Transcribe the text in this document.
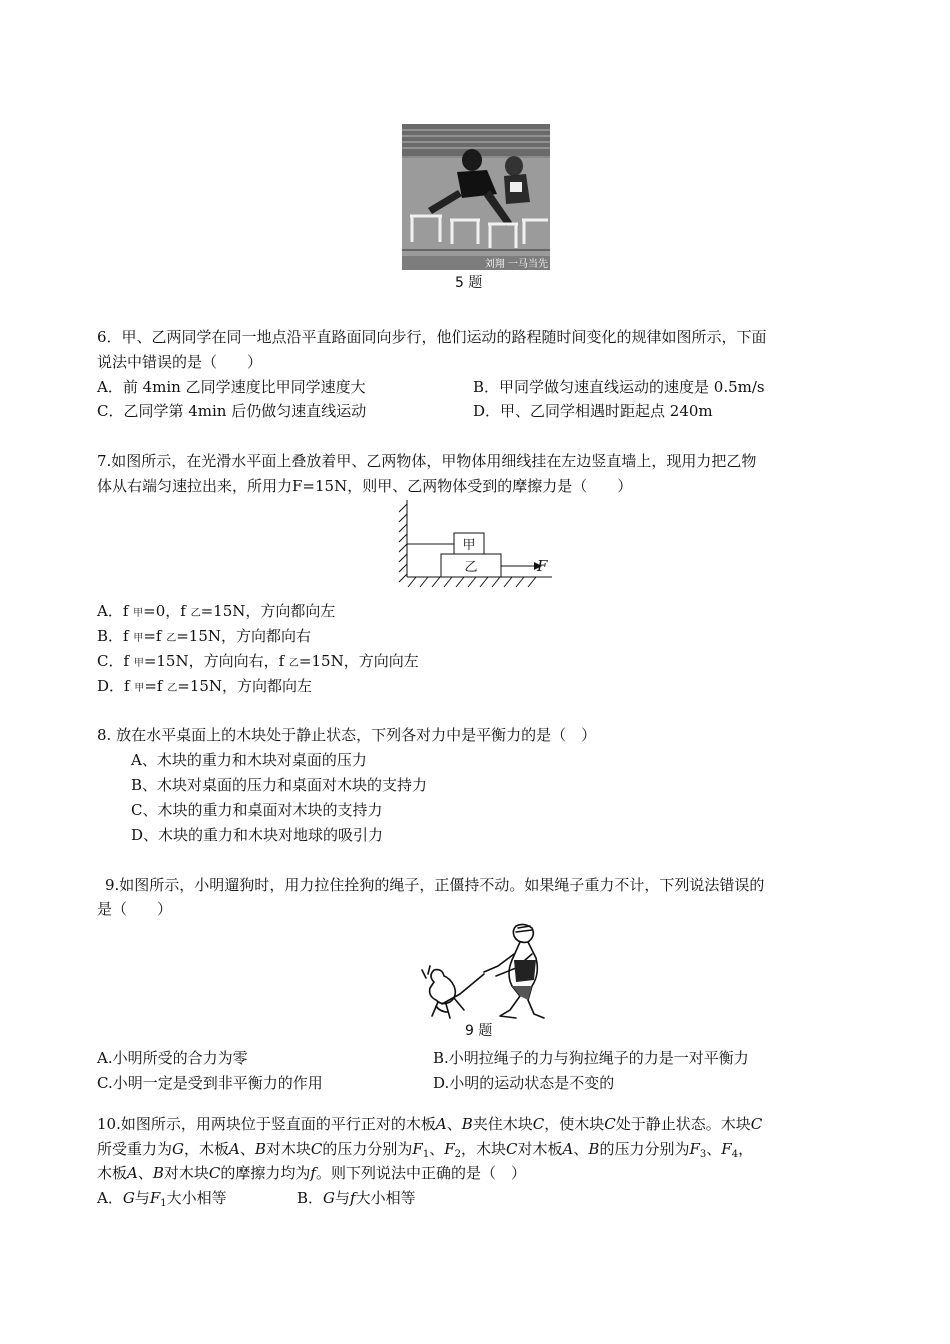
刘翔 一马当先
5 题
6．甲、乙两同学在同一地点沿平直路面同向步行，他们运动的路程随时间变化的规律如图所示，下面
说法中错误的是（　　）
A．前 4min 乙同学速度比甲同学速度大	B．甲同学做匀速直线运动的速度是 0.5m/s
C．乙同学第 4min 后仍做匀速直线运动	D．甲、乙同学相遇时距起点 240m
7.如图所示，在光滑水平面上叠放着甲、乙两物体，甲物体用细线挂在左边竖直墙上，现用力把乙物
体从右端匀速拉出来，所用力F=15N，则甲、乙两物体受到的摩擦力是（　　）
甲
乙	F
A．f 甲=0，f 乙=15N，方向都向左
B．f 甲=f 乙=15N，方向都向右
C．f 甲=15N，方向向右，f 乙=15N，方向向左
D．f 甲=f 乙=15N，方向都向左
8. 放在水平桌面上的木块处于静止状态，下列各对力中是平衡力的是（　）
A、木块的重力和木块对桌面的压力
B、木块对桌面的压力和桌面对木块的支持力
C、木块的重力和桌面对木块的支持力
D、木块的重力和木块对地球的吸引力
9.如图所示，小明遛狗时，用力拉住拴狗的绳子，正僵持不动。如果绳子重力不计，下列说法错误的
是（　　）
9 题
A.小明所受的合力为零	B.小明拉绳子的力与狗拉绳子的力是一对平衡力
C.小明一定是受到非平衡力的作用	D.小明的运动状态是不变的
10.如图所示，用两块位于竖直面的平行正对的木板A、B夹住木块C，使木块C处于静止状态。木块C
所受重力为G，木板A、B对木块C的压力分别为$F_1$、$F_2$，木块C对木板A、B的压力分别为$F_3$、$F_4$，
木板A、B对木块C的摩擦力均为f。则下列说法中正确的是（　）
A．G与$F_1$大小相等	B．G与f大小相等
